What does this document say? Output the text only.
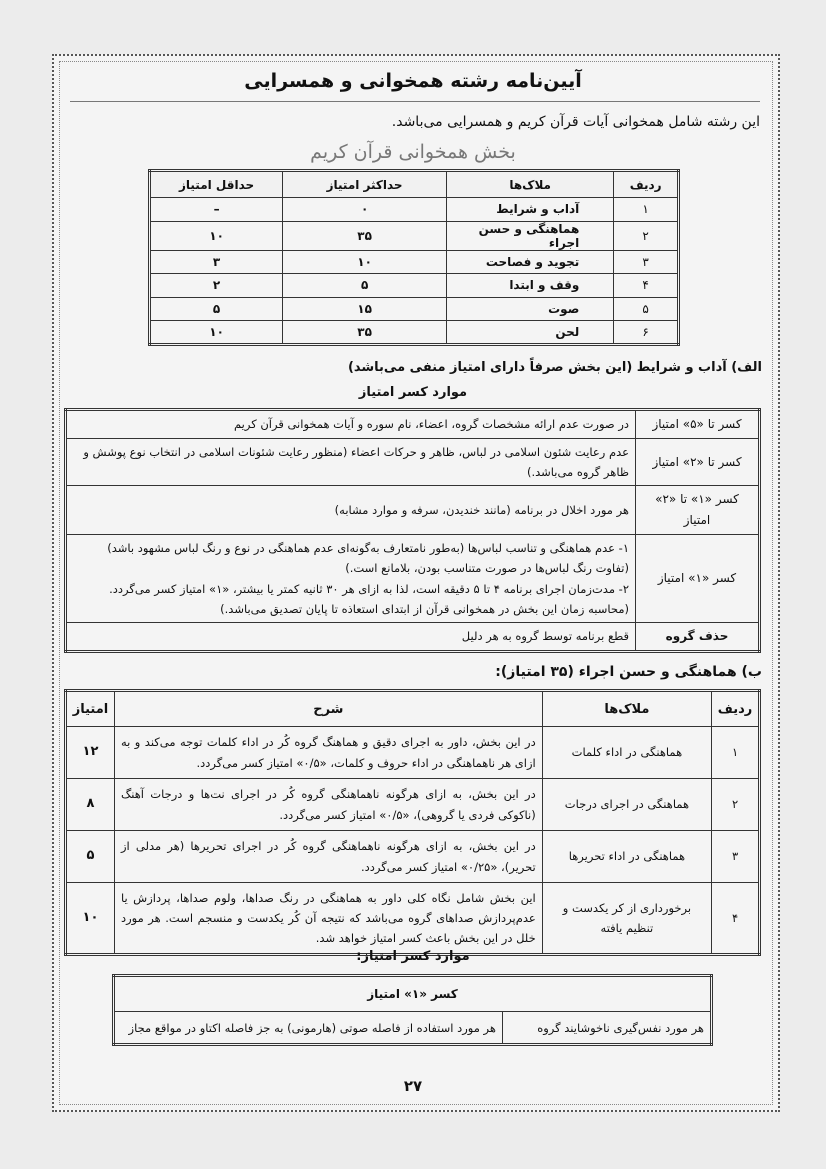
آیین‌نامه رشته همخوانی و همسرایی
این رشته شامل همخوانی آیات قرآن کریم و همسرایی می‌باشد.
بخش همخوانی قرآن کریم
ردیف	ملاک‌ها	حداکثر امتیاز	حداقل امتیاز
۱	آداب و شرایط	۰	–
۲	هماهنگی و حسن اجراء	۳۵	۱۰
۳	تجوید و فصاحت	۱۰	۳
۴	وقف و ابتدا	۵	۲
۵	صوت	۱۵	۵
۶	لحن	۳۵	۱۰
الف) آداب و شرایط (این بخش صرفاً دارای امتیاز منفی می‌باشد)
موارد کسر امتیاز
کسر تا «۵» امتیاز	در صورت عدم ارائه مشخصات گروه، اعضاء، نام سوره و آیات همخوانی قرآن کریم

کسر تا «۲» امتیاز	عدم رعایت شئون اسلامی در لباس، ظاهر و حرکات اعضاء (منظور رعایت شئونات اسلامی در انتخاب نوع پوشش و ظاهر گروه می‌باشد.)

کسر «۱» تا «۲» امتیاز	هر مورد اخلال در برنامه (مانند خندیدن، سرفه و موارد مشابه)

کسر «۱» امتیاز	۱- عدم هماهنگی و تناسب لباس‌ها (به‌طور نامتعارف به‌گونه‌ای عدم هماهنگی در نوع و رنگ لباس مشهود باشد)
(تفاوت رنگ لباس‌ها در صورت متناسب بودن، بلامانع است.)
۲- مدت‌زمان اجرای برنامه ۴ تا ۵ دقیقه است، لذا به ازای هر ۳۰ ثانیه کمتر یا بیشتر، «۱» امتیاز کسر می‌گردد.
(محاسبه زمان این بخش در همخوانی قرآن از ابتدای استعاذه تا پایان تصدیق می‌باشد.)

حذف گروه	قطع برنامه توسط گروه به هر دلیل
ب) هماهنگی و حسن اجراء (۳۵ امتیاز):
ردیف	ملاک‌ها	شرح	امتیاز
۱	هماهنگی در اداء کلمات	در این بخش، داور به اجرای دقیق و هماهنگ گروه کُر در اداء کلمات توجه می‌کند و به ازای هر ناهماهنگی در اداء حروف و کلمات، «۰/۵» امتیاز کسر می‌گردد.	۱۲
۲	هماهنگی در اجرای درجات	در این بخش، به ازای هرگونه ناهماهنگی گروه کُر در اجرای نت‌ها و درجات آهنگ (ناکوکی فردی یا گروهی)، «۰/۵» امتیاز کسر می‌گردد.	۸
۳	هماهنگی در اداء تحریرها	در این بخش، به ازای هرگونه ناهماهنگی گروه کُر در اجرای تحریرها (هر مدلی از تحریر)، «۰/۲۵» امتیاز کسر می‌گردد.	۵
۴	برخورداری از کر یکدست و تنظیم یافته	این بخش شامل نگاه کلی داور به هماهنگی در رنگ صداها، ولوم صداها، پردازش یا عدم‌پردازش صداهای گروه می‌باشد که نتیجه آن کُر یکدست و منسجم است. هر مورد خلل در این بخش باعث کسر امتیاز خواهد شد.	۱۰
موارد کسر امتیاز:
کسر «۱» امتیاز
هر مورد نفس‌گیری ناخوشایند گروه	هر مورد استفاده از فاصله صوتی (هارمونی) به جز فاصله اکتاو در مواقع مجاز
۲۷
